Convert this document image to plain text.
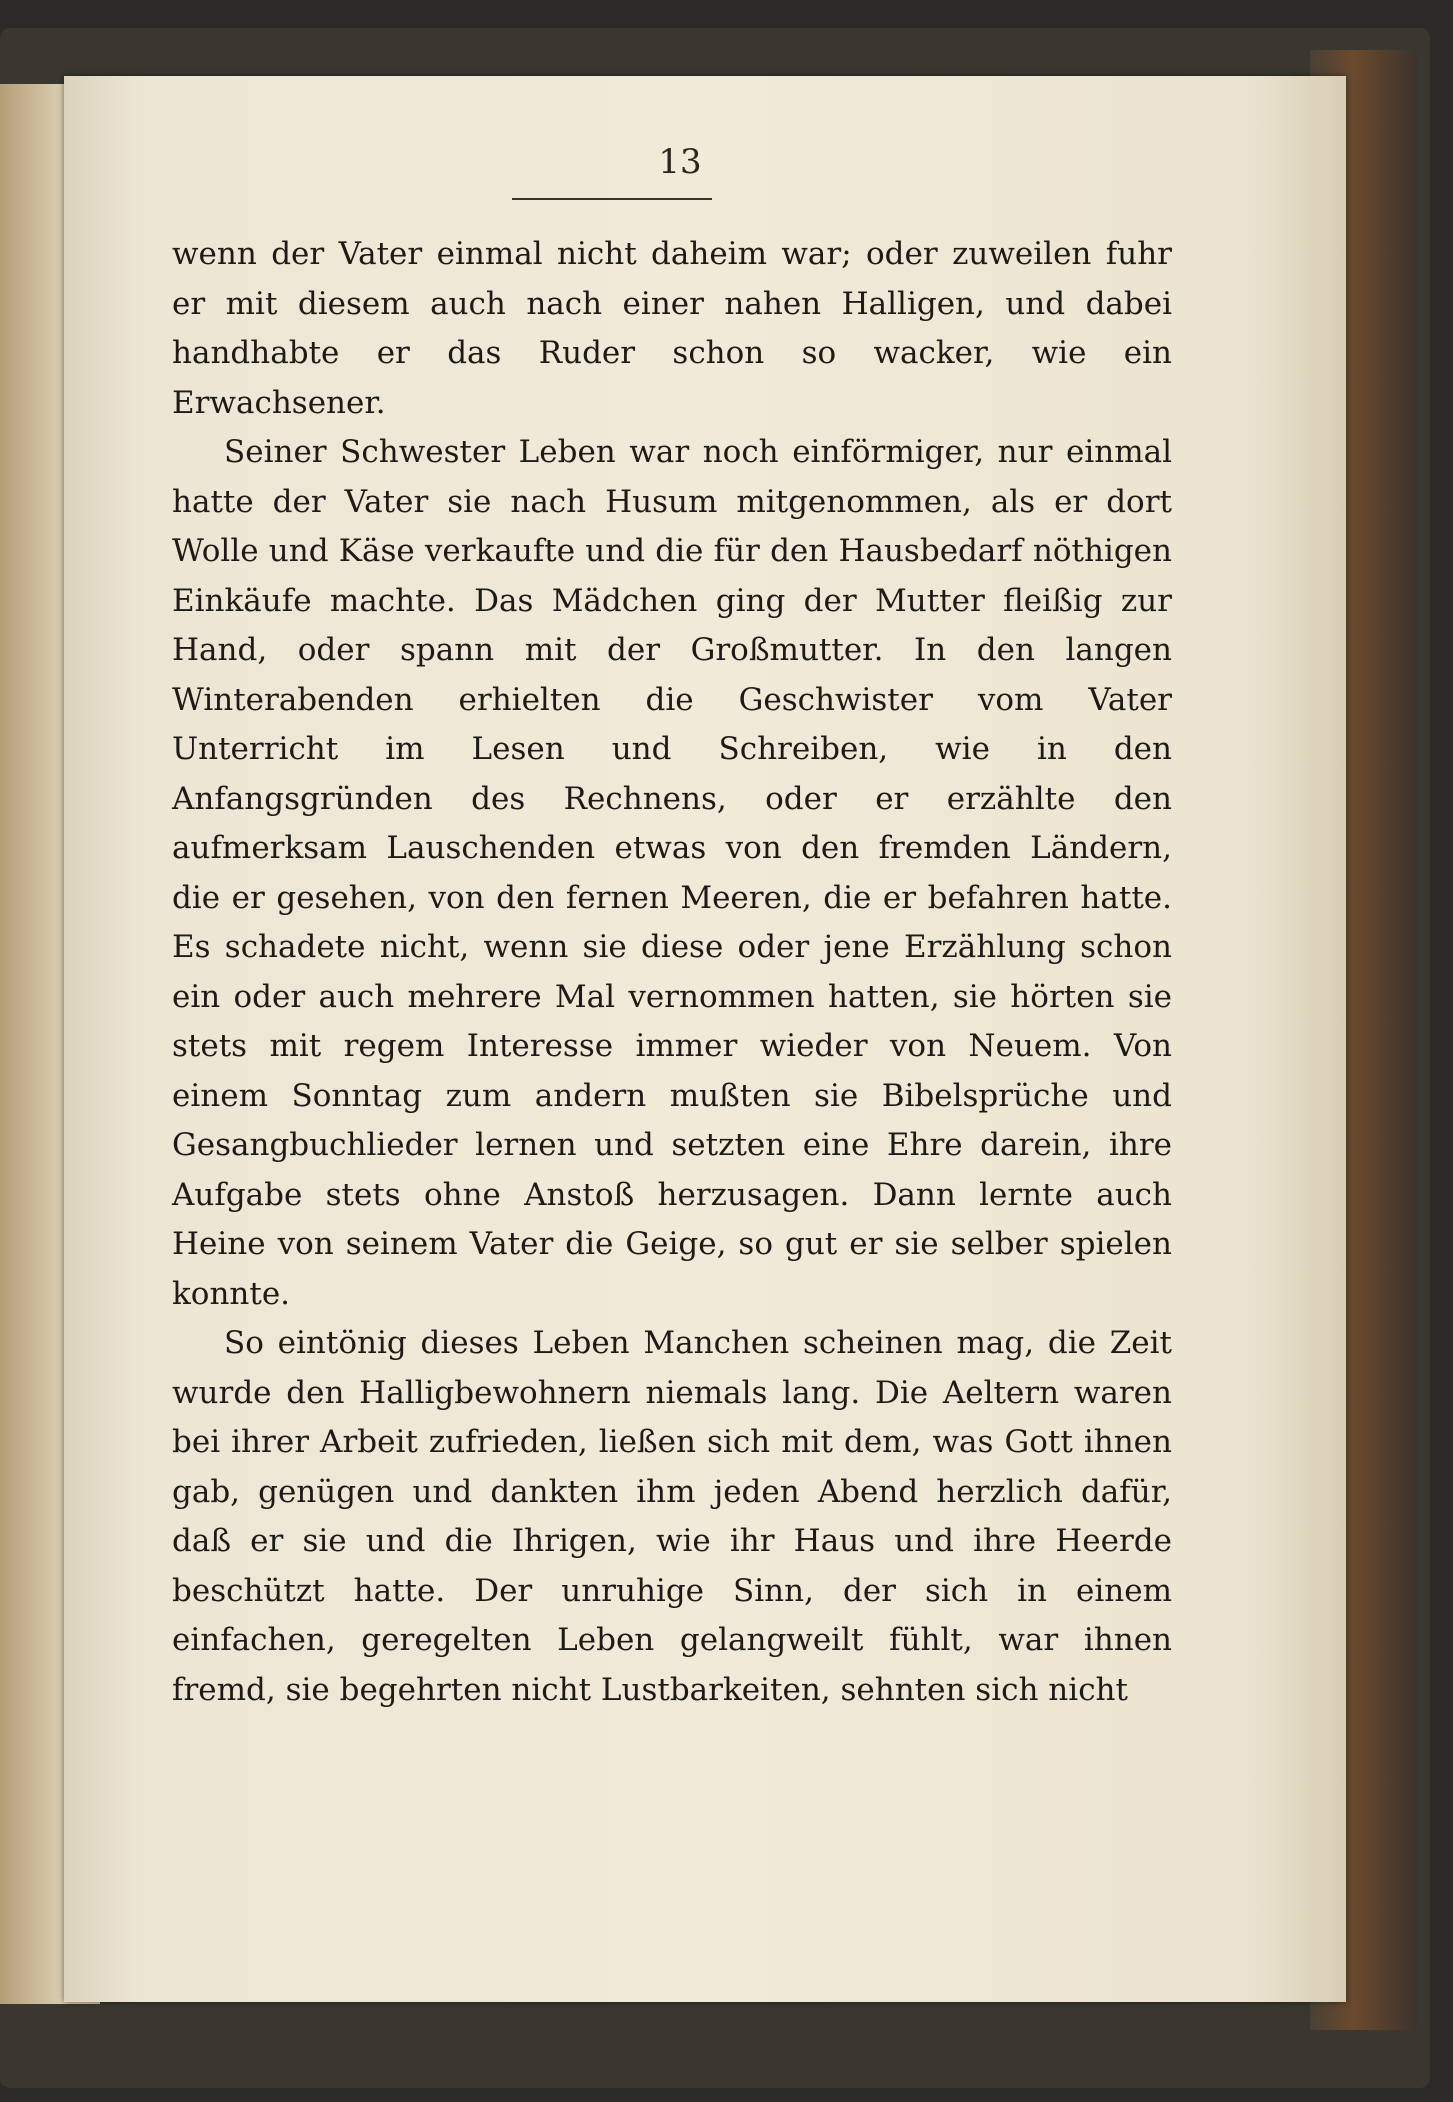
13

wenn der Vater einmal nicht daheim war; oder zuweilen fuhr er mit diesem auch nach einer nahen Halligen, und dabei handhabte er das Ruder schon so wacker, wie ein Erwachsener.

Seiner Schwester Leben war noch einförmiger, nur einmal hatte der Vater sie nach Husum mitgenommen, als er dort Wolle und Käse verkaufte und die für den Hausbedarf nöthigen Einkäufe machte. Das Mädchen ging der Mutter fleißig zur Hand, oder spann mit der Großmutter. In den langen Winterabenden erhielten die Geschwister vom Vater Unterricht im Lesen und Schreiben, wie in den Anfangsgründen des Rechnens, oder er erzählte den aufmerksam Lauschenden etwas von den fremden Ländern, die er gesehen, von den fernen Meeren, die er befahren hatte. Es schadete nicht, wenn sie diese oder jene Erzählung schon ein oder auch mehrere Mal vernommen hatten, sie hörten sie stets mit regem Interesse immer wieder von Neuem. Von einem Sonntag zum andern mußten sie Bibelsprüche und Gesangbuchlieder lernen und setzten eine Ehre darein, ihre Aufgabe stets ohne Anstoß herzusagen. Dann lernte auch Heine von seinem Vater die Geige, so gut er sie selber spielen konnte.

So eintönig dieses Leben Manchen scheinen mag, die Zeit wurde den Halligbewohnern niemals lang. Die Aeltern waren bei ihrer Arbeit zufrieden, ließen sich mit dem, was Gott ihnen gab, genügen und dankten ihm jeden Abend herzlich dafür, daß er sie und die Ihrigen, wie ihr Haus und ihre Heerde beschützt hatte. Der unruhige Sinn, der sich in einem einfachen, geregelten Leben gelangweilt fühlt, war ihnen fremd, sie begehrten nicht Lustbarkeiten, sehnten sich nicht
